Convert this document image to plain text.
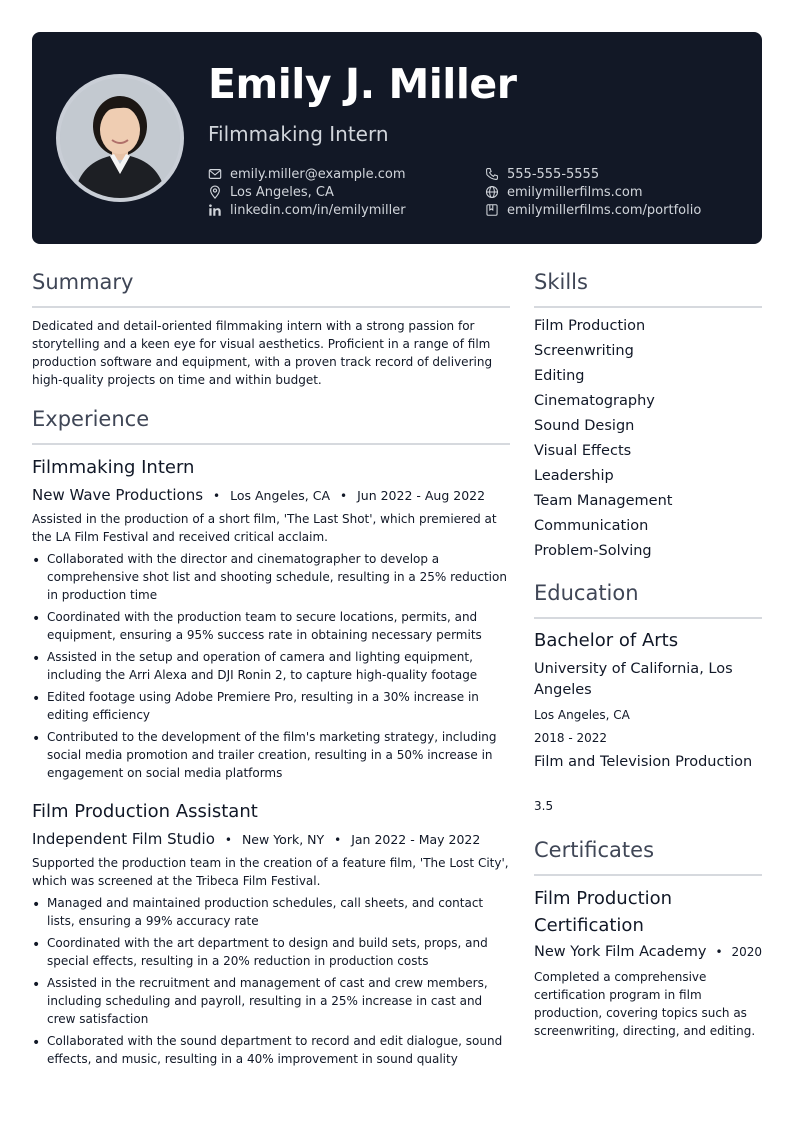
Emily J. Miller
Filmmaking Intern
emily.miller@example.com
Los Angeles, CA
linkedin.com/in/emilymiller
555-555-5555
emilymillerfilms.com
emilymillerfilms.com/portfolio
Summary
Dedicated and detail-oriented filmmaking intern with a strong passion for storytelling and a keen eye for visual aesthetics. Proficient in a range of film production software and equipment, with a proven track record of delivering high-quality projects on time and within budget.
Experience
Filmmaking Intern
New Wave Productions • Los Angeles, CA • Jun 2022 - Aug 2022
Assisted in the production of a short film, 'The Last Shot', which premiered at the LA Film Festival and received critical acclaim.
• Collaborated with the director and cinematographer to develop a comprehensive shot list and shooting schedule, resulting in a 25% reduction in production time
• Coordinated with the production team to secure locations, permits, and equipment, ensuring a 95% success rate in obtaining necessary permits
• Assisted in the setup and operation of camera and lighting equipment, including the Arri Alexa and DJI Ronin 2, to capture high-quality footage
• Edited footage using Adobe Premiere Pro, resulting in a 30% increase in editing efficiency
• Contributed to the development of the film's marketing strategy, including social media promotion and trailer creation, resulting in a 50% increase in engagement on social media platforms
Film Production Assistant
Independent Film Studio • New York, NY • Jan 2022 - May 2022
Supported the production team in the creation of a feature film, 'The Lost City', which was screened at the Tribeca Film Festival.
• Managed and maintained production schedules, call sheets, and contact lists, ensuring a 99% accuracy rate
• Coordinated with the art department to design and build sets, props, and special effects, resulting in a 20% reduction in production costs
• Assisted in the recruitment and management of cast and crew members, including scheduling and payroll, resulting in a 25% increase in cast and crew satisfaction
• Collaborated with the sound department to record and edit dialogue, sound effects, and music, resulting in a 40% improvement in sound quality
Skills
Film Production
Screenwriting
Editing
Cinematography
Sound Design
Visual Effects
Leadership
Team Management
Communication
Problem-Solving
Education
Bachelor of Arts
University of California, Los Angeles
Los Angeles, CA
2018 - 2022
Film and Television Production
3.5
Certificates
Film Production Certification
New York Film Academy • 2020
Completed a comprehensive certification program in film production, covering topics such as screenwriting, directing, and editing.
